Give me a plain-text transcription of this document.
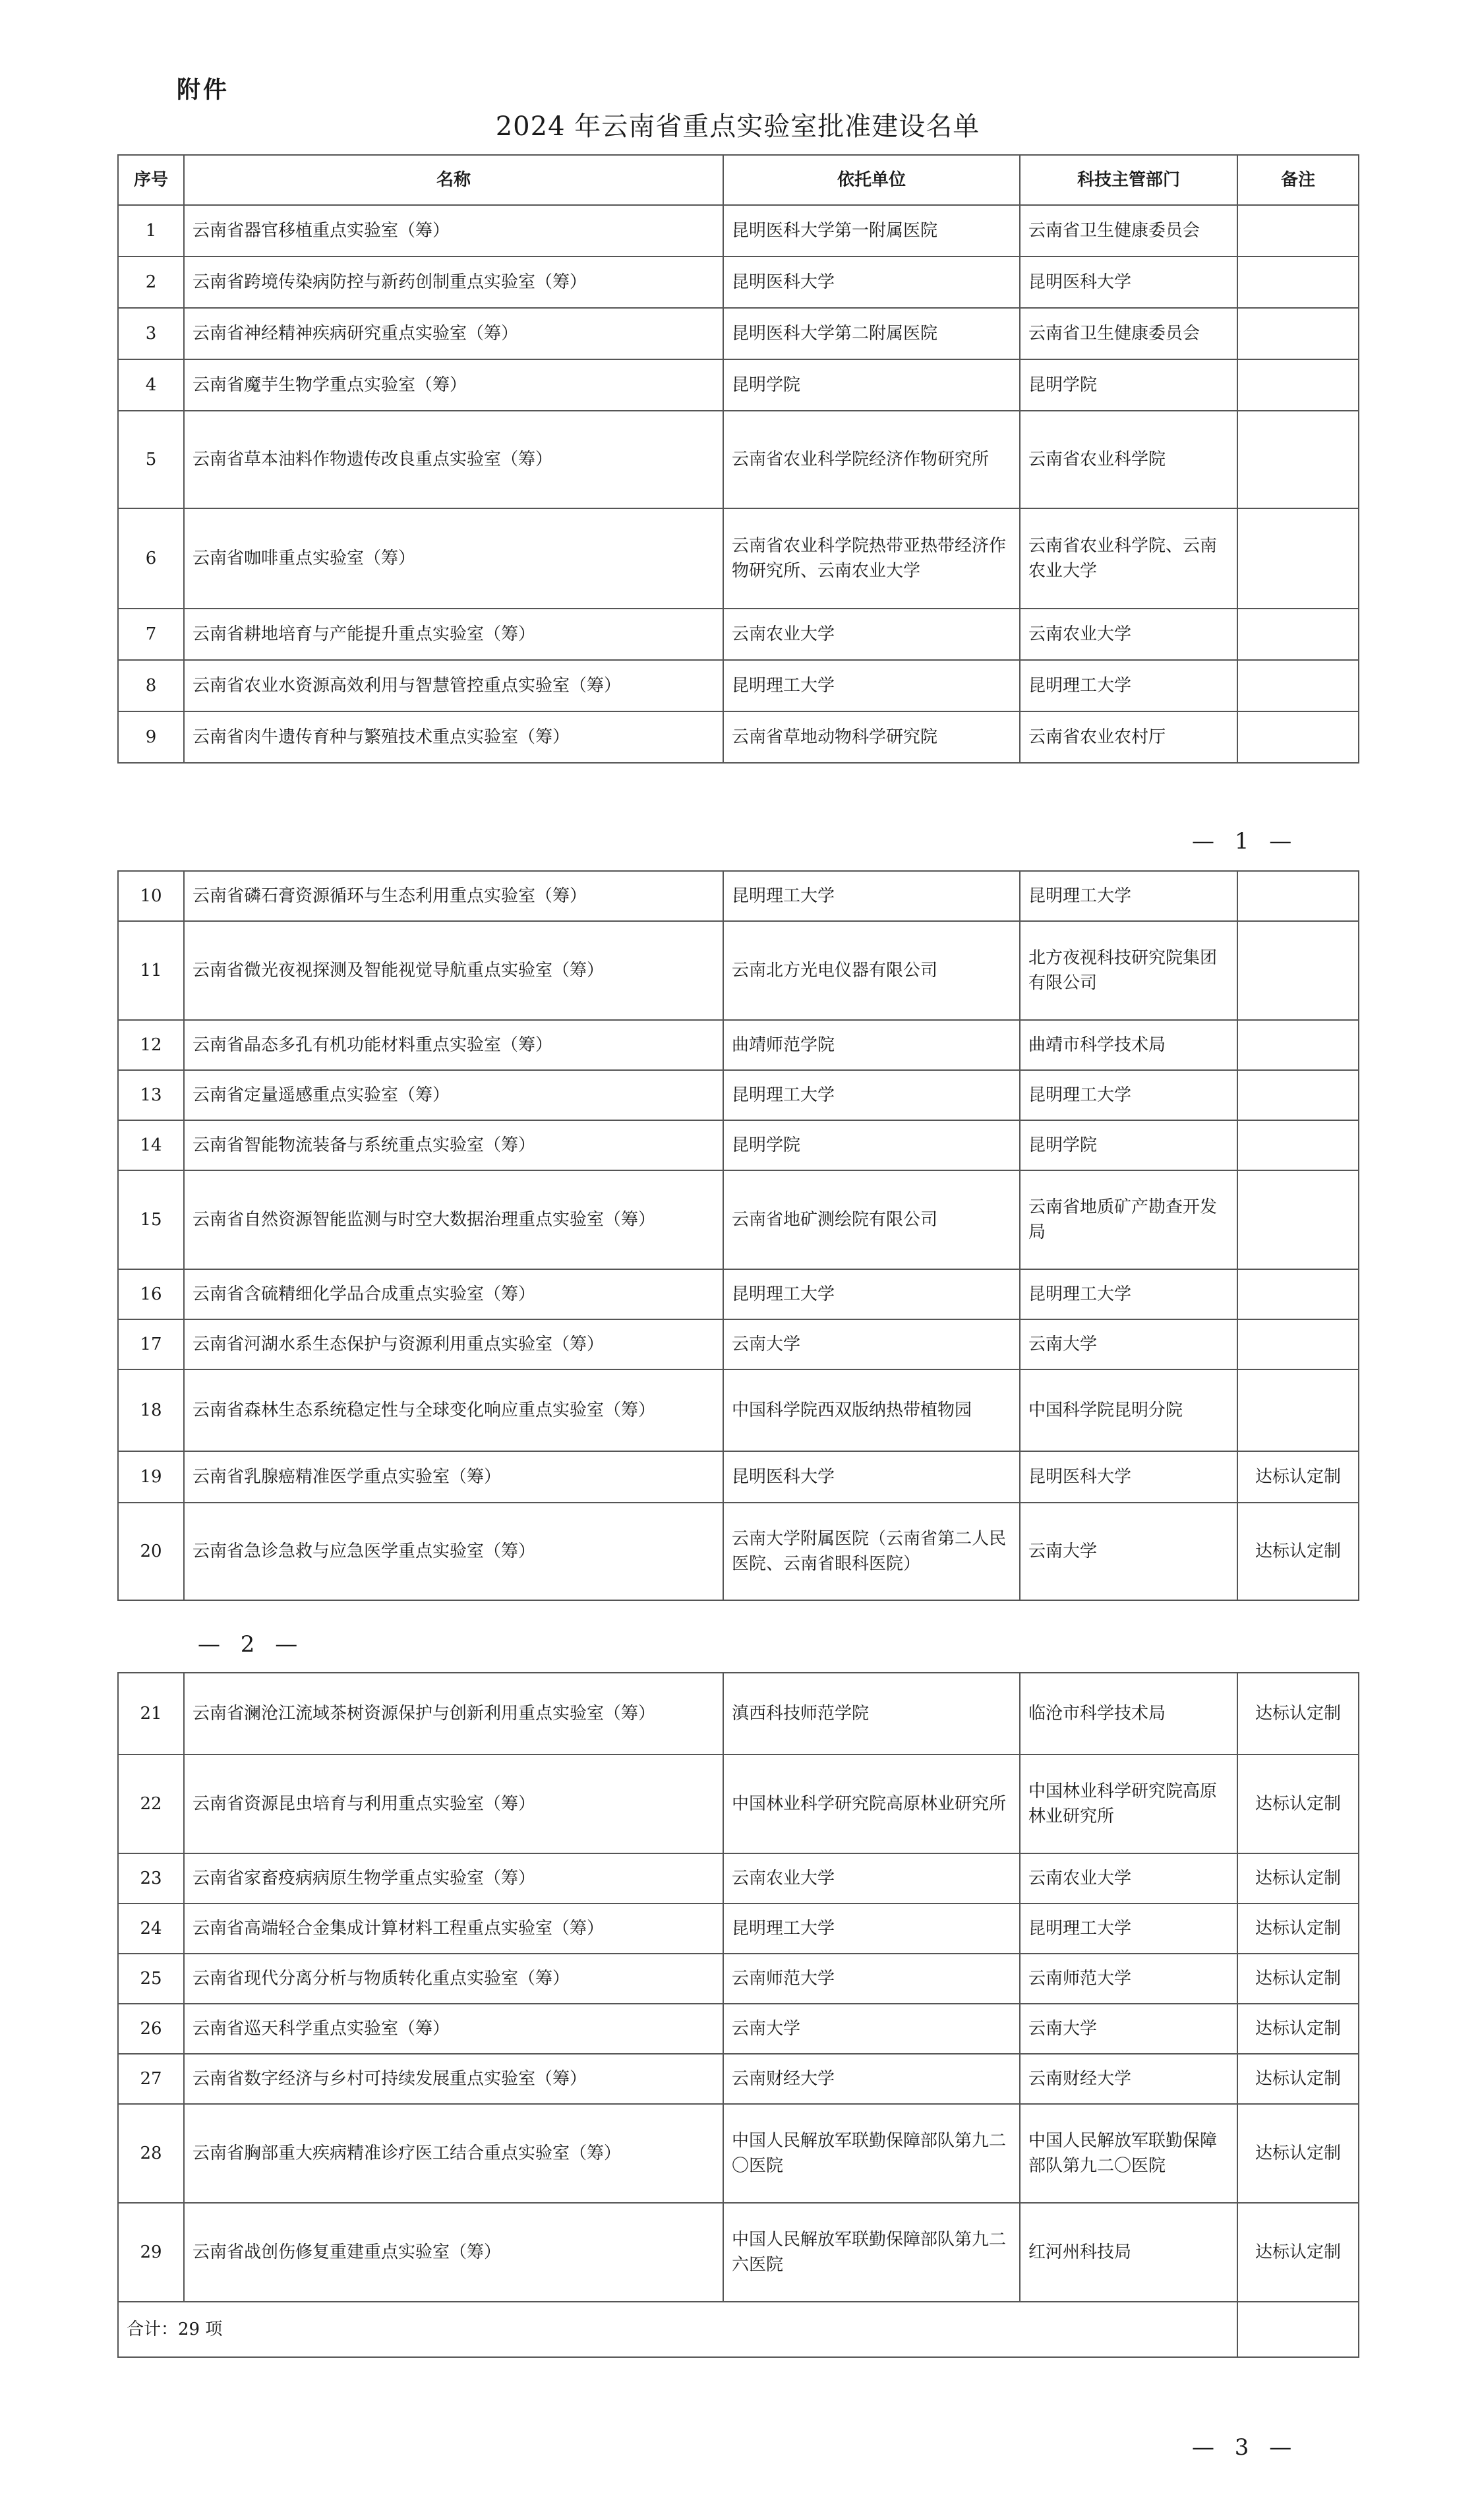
附件
2024 年云南省重点实验室批准建设名单
序号	名称	依托单位	科技主管部门	备注
1	云南省器官移植重点实验室（筹）	昆明医科大学第一附属医院	云南省卫生健康委员会	
2	云南省跨境传染病防控与新药创制重点实验室（筹）	昆明医科大学	昆明医科大学	
3	云南省神经精神疾病研究重点实验室（筹）	昆明医科大学第二附属医院	云南省卫生健康委员会	
4	云南省魔芋生物学重点实验室（筹）	昆明学院	昆明学院	
5	云南省草本油料作物遗传改良重点实验室（筹）	云南省农业科学院经济作物研究所	云南省农业科学院	
6	云南省咖啡重点实验室（筹）	云南省农业科学院热带亚热带经济作物研究所、云南农业大学	云南省农业科学院、云南农业大学	
7	云南省耕地培育与产能提升重点实验室（筹）	云南农业大学	云南农业大学	
8	云南省农业水资源高效利用与智慧管控重点实验室（筹）	昆明理工大学	昆明理工大学	
9	云南省肉牛遗传育种与繁殖技术重点实验室（筹）	云南省草地动物科学研究院	云南省农业农村厅	
— 1 —
10	云南省磷石膏资源循环与生态利用重点实验室（筹）	昆明理工大学	昆明理工大学	
11	云南省微光夜视探测及智能视觉导航重点实验室（筹）	云南北方光电仪器有限公司	北方夜视科技研究院集团有限公司	
12	云南省晶态多孔有机功能材料重点实验室（筹）	曲靖师范学院	曲靖市科学技术局	
13	云南省定量遥感重点实验室（筹）	昆明理工大学	昆明理工大学	
14	云南省智能物流装备与系统重点实验室（筹）	昆明学院	昆明学院	
15	云南省自然资源智能监测与时空大数据治理重点实验室（筹）	云南省地矿测绘院有限公司	云南省地质矿产勘查开发局	
16	云南省含硫精细化学品合成重点实验室（筹）	昆明理工大学	昆明理工大学	
17	云南省河湖水系生态保护与资源利用重点实验室（筹）	云南大学	云南大学	
18	云南省森林生态系统稳定性与全球变化响应重点实验室（筹）	中国科学院西双版纳热带植物园	中国科学院昆明分院	
19	云南省乳腺癌精准医学重点实验室（筹）	昆明医科大学	昆明医科大学	达标认定制
20	云南省急诊急救与应急医学重点实验室（筹）	云南大学附属医院（云南省第二人民医院、云南省眼科医院）	云南大学	达标认定制
— 2 —
21	云南省澜沧江流域茶树资源保护与创新利用重点实验室（筹）	滇西科技师范学院	临沧市科学技术局	达标认定制
22	云南省资源昆虫培育与利用重点实验室（筹）	中国林业科学研究院高原林业研究所	中国林业科学研究院高原林业研究所	达标认定制
23	云南省家畜疫病病原生物学重点实验室（筹）	云南农业大学	云南农业大学	达标认定制
24	云南省高端轻合金集成计算材料工程重点实验室（筹）	昆明理工大学	昆明理工大学	达标认定制
25	云南省现代分离分析与物质转化重点实验室（筹）	云南师范大学	云南师范大学	达标认定制
26	云南省巡天科学重点实验室（筹）	云南大学	云南大学	达标认定制
27	云南省数字经济与乡村可持续发展重点实验室（筹）	云南财经大学	云南财经大学	达标认定制
28	云南省胸部重大疾病精准诊疗医工结合重点实验室（筹）	中国人民解放军联勤保障部队第九二〇医院	中国人民解放军联勤保障部队第九二〇医院	达标认定制
29	云南省战创伤修复重建重点实验室（筹）	中国人民解放军联勤保障部队第九二六医院	红河州科技局	达标认定制
合计：29 项				
— 3 —
